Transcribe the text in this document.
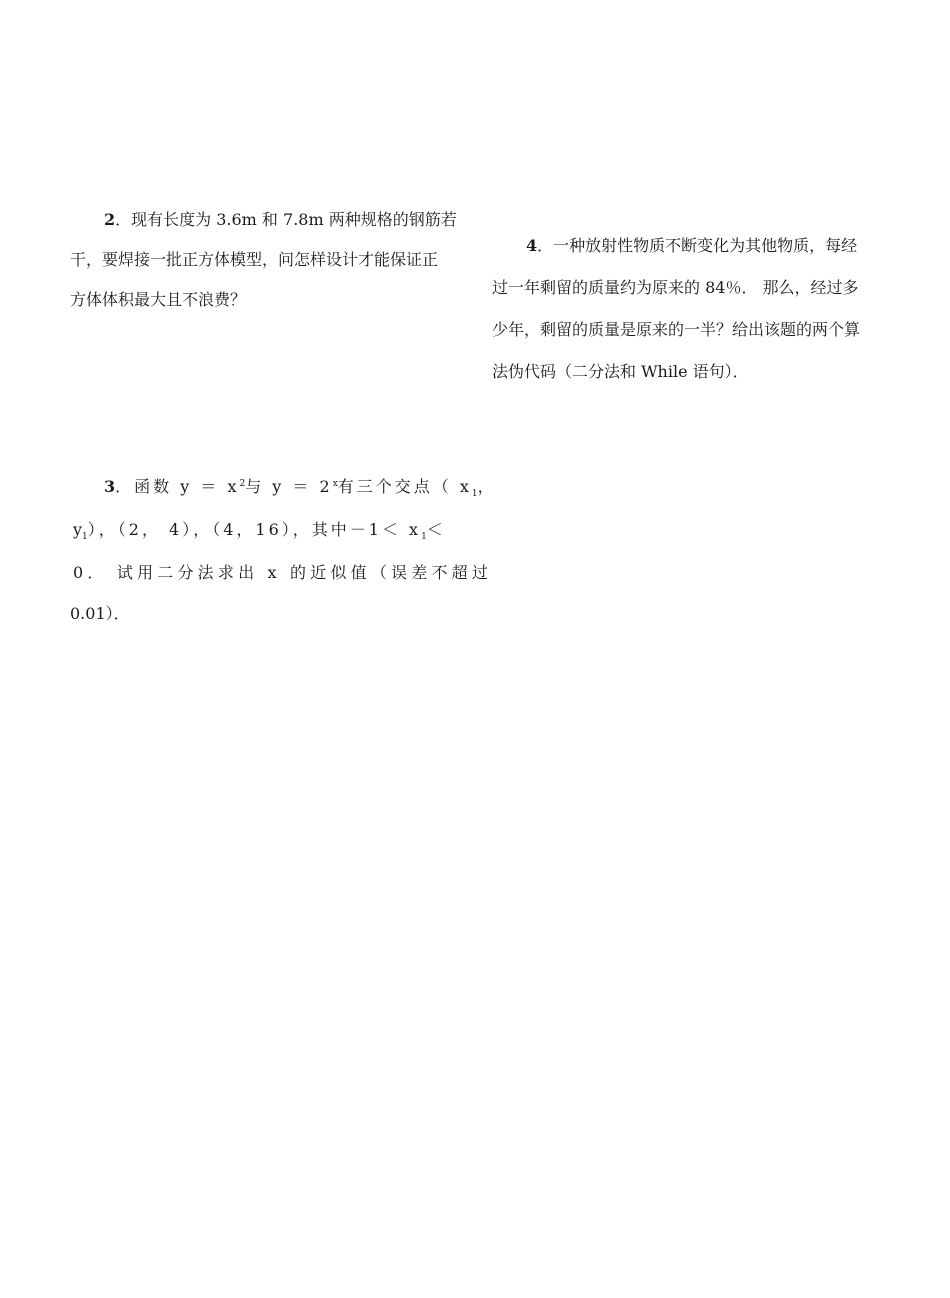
2．现有长度为 3.6m 和 7.8m 两种规格的钢筋若
干，要焊接一批正方体模型，问怎样设计才能保证正
方体体积最大且不浪费？
3．函数 $y = x^2$与 $y = 2^x$有三个交点（ $x_1$，
$y_1$），（2， 4），（4，16），其中$-1< x_1<$
0． 试用二分法求出 x 的近似值（误差不超过
0.01）．
4．一种放射性物质不断变化为其他物质，每经
过一年剩留的质量约为原来的 84％． 那么，经过多
少年，剩留的质量是原来的一半？给出该题的两个算
法伪代码（二分法和 While 语句）．
